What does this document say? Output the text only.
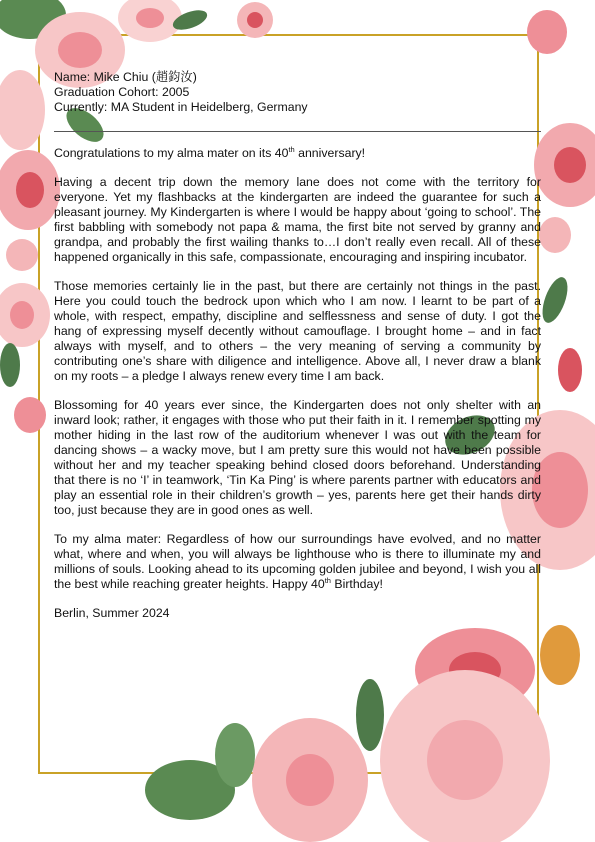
Name: Mike Chiu (趙鈞汝)
Graduation Cohort: 2005
Currently: MA Student in Heidelberg, Germany

Congratulations to my alma mater on its 40th anniversary!

Having a decent trip down the memory lane does not come with the territory for everyone. Yet my flashbacks at the kindergarten are indeed the guarantee for such a pleasant journey. My Kindergarten is where I would be happy about ‘going to school’. The first babbling with somebody not papa & mama, the first bite not served by granny and grandpa, and probably the first wailing thanks to…I don’t really even recall. All of these happened organically in this safe, compassionate, encouraging and inspiring incubator.

Those memories certainly lie in the past, but there are certainly not things in the past. Here you could touch the bedrock upon which who I am now. I learnt to be part of a whole, with respect, empathy, discipline and selflessness and sense of duty. I got the hang of expressing myself decently without camouflage. I brought home – and in fact always with myself, and to others – the very meaning of serving a community by contributing one’s share with diligence and intelligence. Above all, I never draw a blank on my roots – a pledge I always renew every time I am back.

Blossoming for 40 years ever since, the Kindergarten does not only shelter with an inward look; rather, it engages with those who put their faith in it. I remember spotting my mother hiding in the last row of the auditorium whenever I was out with the team for dancing shows – a wacky move, but I am pretty sure this would not have been possible without her and my teacher speaking behind closed doors beforehand. Understanding that there is no ‘I’ in teamwork, ‘Tin Ka Ping’ is where parents partner with educators and play an essential role in their children’s growth – yes, parents here get their hands dirty too, just because they are in good ones as well.

To my alma mater: Regardless of how our surroundings have evolved, and no matter what, where and when, you will always be lighthouse who is there to illuminate my and millions of souls. Looking ahead to its upcoming golden jubilee and beyond, I wish you all the best while reaching greater heights. Happy 40th Birthday!

Berlin, Summer 2024
